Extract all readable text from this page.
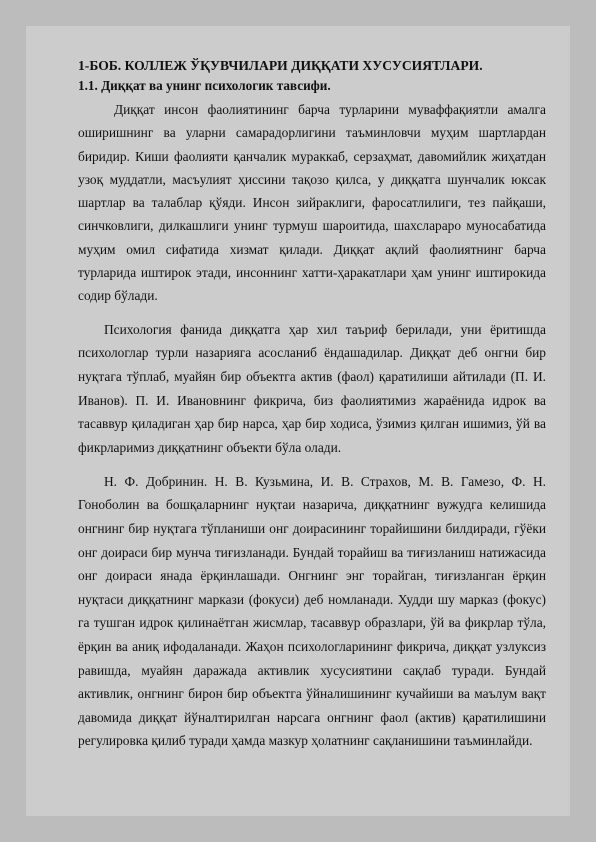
1-БОБ. КОЛЛЕЖ ЎҚУВЧИЛАРИ ДИҚҚАТИ ХУСУСИЯТЛАРИ.
1.1. Диққат ва унинг психологик тавсифи.

Диққат инсон фаолиятининг барча турларини муваффақиятли амалга оширишнинг ва уларни самарадорлигини таъминловчи муҳим шартлардан биридир. Киши фаолияти қанчалик мураккаб, серзаҳмат, давомийлик жиҳатдан узоқ муддатли, масъулият ҳиссини тақозо қилса, у диққатга шунчалик юксак шартлар ва талаблар қўяди. Инсон зийраклиги, фаросатлилиги, тез пайқаши, синчковлиги, дилкашлиги унинг турмуш шароитида, шахсларaро муносабатида муҳим омил сифатида хизмат қилади. Диққат ақлий фаолиятнинг барча турларида иштирок этади, инсоннинг хатти-ҳаракатлари ҳам унинг иштирокида содир бўлади.

Психология фанида диққатга ҳар хил таъриф берилади, уни ёритишда психологлар турли назарияга асосланиб ёндашадилар. Диққат деб онгни бир нуқтага тўплаб, муайян бир объектга актив (фаол) қаратилиши айтилади (П. И. Иванов). П. И. Ивановнинг фикрича, биз фаолиятимиз жараёнида идрок ва тасаввур қиладиган ҳар бир нарса, ҳар бир ходиса, ўзимиз қилган ишимиз, ўй ва фикрларимиз диққатнинг объекти бўла олади.

Н. Ф. Добринин. Н. В. Кузьмина, И. В. Страхов, М. В. Гамезо, Ф. Н. Гоноболин ва бошқаларнинг нуқтаи назарича, диққатнинг вужудга келишида онгнинг бир нуқтага тўпланиши онг доирасининг торайишини билдиради, гўёки онг доираси бир мунча тиғизланади. Бундай торайиш ва тиғизланиш натижасида онг доираси янада ёрқинлашади. Онгнинг энг торайган, тиғизланган ёрқин нуқтаси диққатнинг маркази (фокуси) деб номланади. Худди шу марказ (фокус) га тушган идрок қилинаётган жисмлар, тасаввур образлари, ўй ва фикрлар тўла, ёрқин ва аниқ ифодаланади. Жаҳон психологларининг фикрича, диққат узлуксиз равишда, муайян даражада активлик хусусиятини сақлаб туради. Бундай активлик, онгнинг бирон бир объектга ўйналишининг кучайиши ва маълум вақт давомида диққат йўналтирилган нарсага онгнинг фаол (актив) қаратилишини регулировка қилиб туради ҳамда мазкур ҳолатнинг сақланишини таъминлайди.
